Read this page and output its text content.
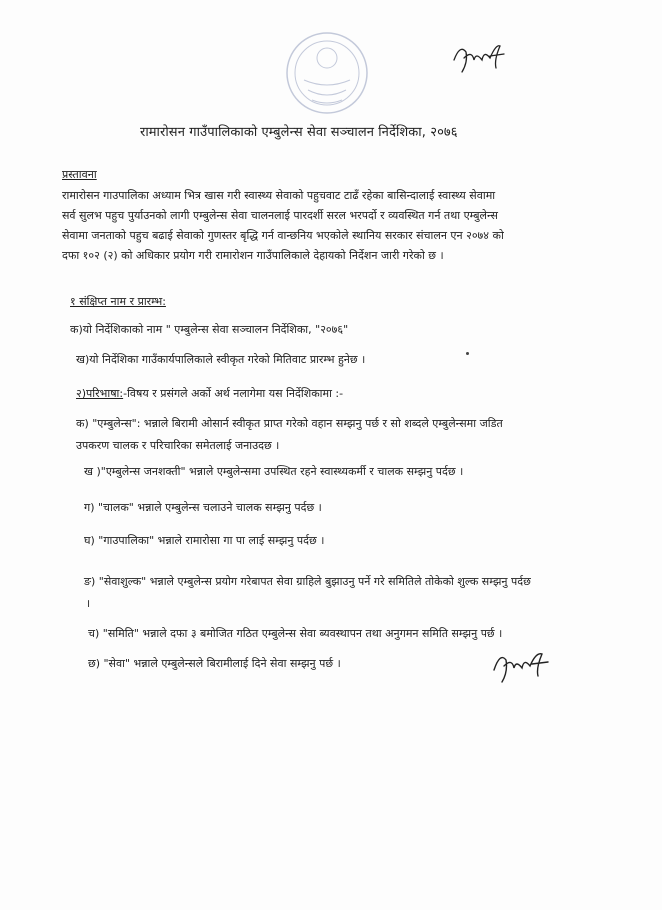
रामारोसन गाउँपालिकाको एम्बुलेन्स सेवा सञ्चालन निर्देशिका, २०७६
प्रस्तावना
रामारोसन गाउपालिका अध्याम भित्र खास गरी स्वास्थ्य सेवाको पहुचवाट टाढँ रहेका बासिन्दालाई स्वास्थ्य सेवामा
सर्व सुलभ पहुच पुर्याउनको लागी एम्बुलेन्स सेवा चालनलाई पारदर्शी सरल भरपर्दो र व्यवस्थित गर्न तथा एम्बुलेन्स
सेवामा जनताको पहुच बढाई सेवाको गुणस्तर बृद्धि गर्न वान्छनिय भएकोले स्थानिय सरकार संचालन एन २०७४ को
दफा १०२ (२) को अधिकार प्रयोग गरी रामारोशन गाउँपालिकाले देहायको निर्देशन जारी गरेको छ ।
१ संक्षिप्त नाम र प्रारम्भ:
क)यो निर्देशिकाको नाम " एम्बुलेन्स सेवा सञ्चालन निर्देशिका, "२०७६"
ख)यो निर्देशिका गाउँकार्यपालिकाले स्वीकृत गरेको मितिवाट प्रारम्भ हुनेछ ।
२)परिभाषा:-विषय र प्रसंगले अर्को अर्थ नलागेमा यस निर्देशिकामा :-
क) "एम्बुलेन्स": भन्नाले बिरामी ओसार्न स्वीकृत प्राप्त गरेको वहान सम्झनु पर्छ र सो शब्दले एम्बुलेन्समा जडित
उपकरण चालक र परिचारिका समेतलाई जनाउदछ ।
ख )"एम्बुलेन्स जनशक्ती" भन्नाले एम्बुलेन्समा उपस्थित रहने स्वास्थ्यकर्मी र चालक सम्झनु पर्दछ ।
ग) "चालक" भन्नाले एम्बुलेन्स चलाउने चालक सम्झनु पर्दछ ।
घ) "गाउपालिका" भन्नाले रामारोसा गा पा लाई सम्झनु पर्दछ ।
ङ) "सेवाशुल्क" भन्नाले एम्बुलेन्स प्रयोग गरेबापत सेवा ग्राहिले बुझाउनु पर्ने गरे समितिले तोकेको शुल्क सम्झनु पर्दछ
।
च) "समिति" भन्नाले दफा ३ बमोजित गठित एम्बुलेन्स सेवा ब्यवस्थापन तथा अनुगमन समिति सम्झनु पर्छ ।
छ) "सेवा" भन्नाले एम्बुलेन्सले बिरामीलाई दिने सेवा सम्झनु पर्छ ।
